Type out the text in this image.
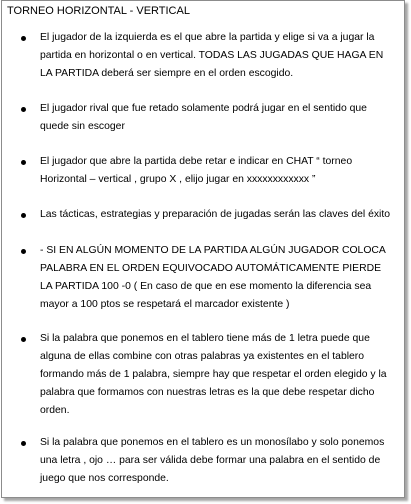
TORNEO HORIZONTAL - VERTICAL
El jugador de la izquierda es el que abre la partida y elige si va a jugar la partida en horizontal o en vertical. TODAS LAS JUGADAS QUE HAGA EN LA PARTIDA deberá ser siempre en el orden escogido.
El jugador rival que fue retado solamente podrá jugar en el sentido que quede sin escoger
El jugador que abre la partida debe retar e indicar en CHAT “ torneo Horizontal – vertical , grupo X , elijo jugar en xxxxxxxxxxxx ”
Las tácticas, estrategias y preparación de jugadas serán las claves del éxito
- SI EN ALGÚN MOMENTO DE LA PARTIDA ALGÚN JUGADOR COLOCA PALABRA EN EL ORDEN EQUIVOCADO AUTOMÁTICAMENTE PIERDE LA PARTIDA 100 -0 ( En caso de que en ese momento la diferencia sea mayor a 100 ptos se respetará el marcador existente )
Si la palabra que ponemos en el tablero tiene más de 1 letra puede que alguna de ellas combine con otras palabras ya existentes en el tablero formando más de 1 palabra, siempre hay que respetar el orden elegido y la palabra que formamos con nuestras letras es la que debe respetar dicho orden.
Si la palabra que ponemos en el tablero es un monosílabo y solo ponemos una letra , ojo … para ser válida debe formar una palabra en el sentido de juego que nos corresponde.
